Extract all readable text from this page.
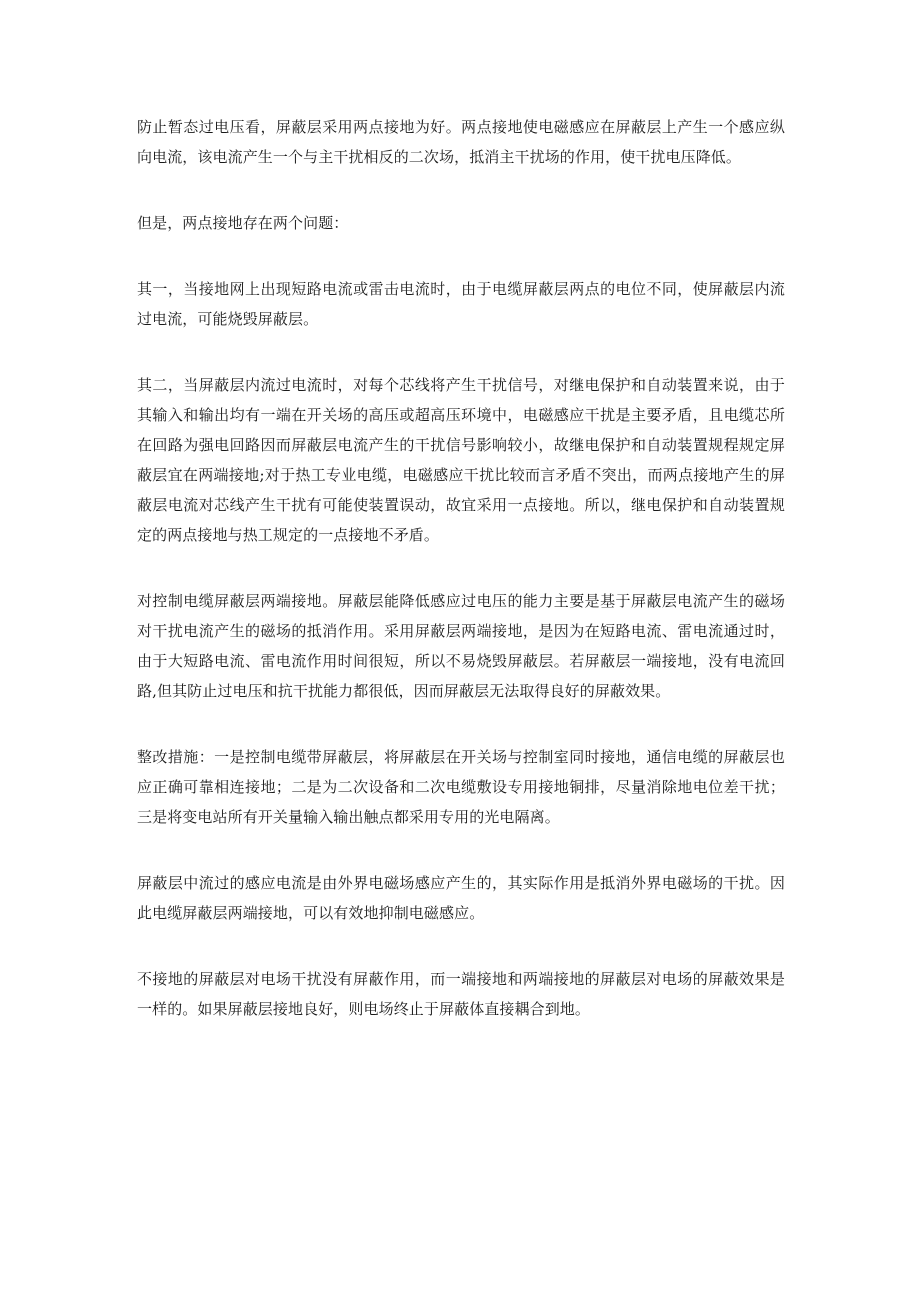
防止暂态过电压看，屏蔽层采用两点接地为好。两点接地使电磁感应在屏蔽层上产生一个感应纵向电流，该电流产生一个与主干扰相反的二次场，抵消主干扰场的作用，使干扰电压降低。

但是，两点接地存在两个问题：

其一，当接地网上出现短路电流或雷击电流时，由于电缆屏蔽层两点的电位不同，使屏蔽层内流过电流，可能烧毁屏蔽层。

其二，当屏蔽层内流过电流时，对每个芯线将产生干扰信号，对继电保护和自动装置来说，由于其输入和输出均有一端在开关场的高压或超高压环境中，电磁感应干扰是主要矛盾，且电缆芯所在回路为强电回路因而屏蔽层电流产生的干扰信号影响较小，故继电保护和自动装置规程规定屏蔽层宜在两端接地;对于热工专业电缆，电磁感应干扰比较而言矛盾不突出，而两点接地产生的屏蔽层电流对芯线产生干扰有可能使装置误动，故宜采用一点接地。所以，继电保护和自动装置规定的两点接地与热工规定的一点接地不矛盾。

对控制电缆屏蔽层两端接地。屏蔽层能降低感应过电压的能力主要是基于屏蔽层电流产生的磁场对干扰电流产生的磁场的抵消作用。采用屏蔽层两端接地，是因为在短路电流、雷电流通过时，由于大短路电流、雷电流作用时间很短，所以不易烧毁屏蔽层。若屏蔽层一端接地，没有电流回路,但其防止过电压和抗干扰能力都很低，因而屏蔽层无法取得良好的屏蔽效果。

整改措施：一是控制电缆带屏蔽层，将屏蔽层在开关场与控制室同时接地，通信电缆的屏蔽层也应正确可靠相连接地；二是为二次设备和二次电缆敷设专用接地铜排，尽量消除地电位差干扰；三是将变电站所有开关量输入输出触点都采用专用的光电隔离。

屏蔽层中流过的感应电流是由外界电磁场感应产生的，其实际作用是抵消外界电磁场的干扰。因此电缆屏蔽层两端接地，可以有效地抑制电磁感应。

不接地的屏蔽层对电场干扰没有屏蔽作用，而一端接地和两端接地的屏蔽层对电场的屏蔽效果是一样的。如果屏蔽层接地良好，则电场终止于屏蔽体直接耦合到地。
